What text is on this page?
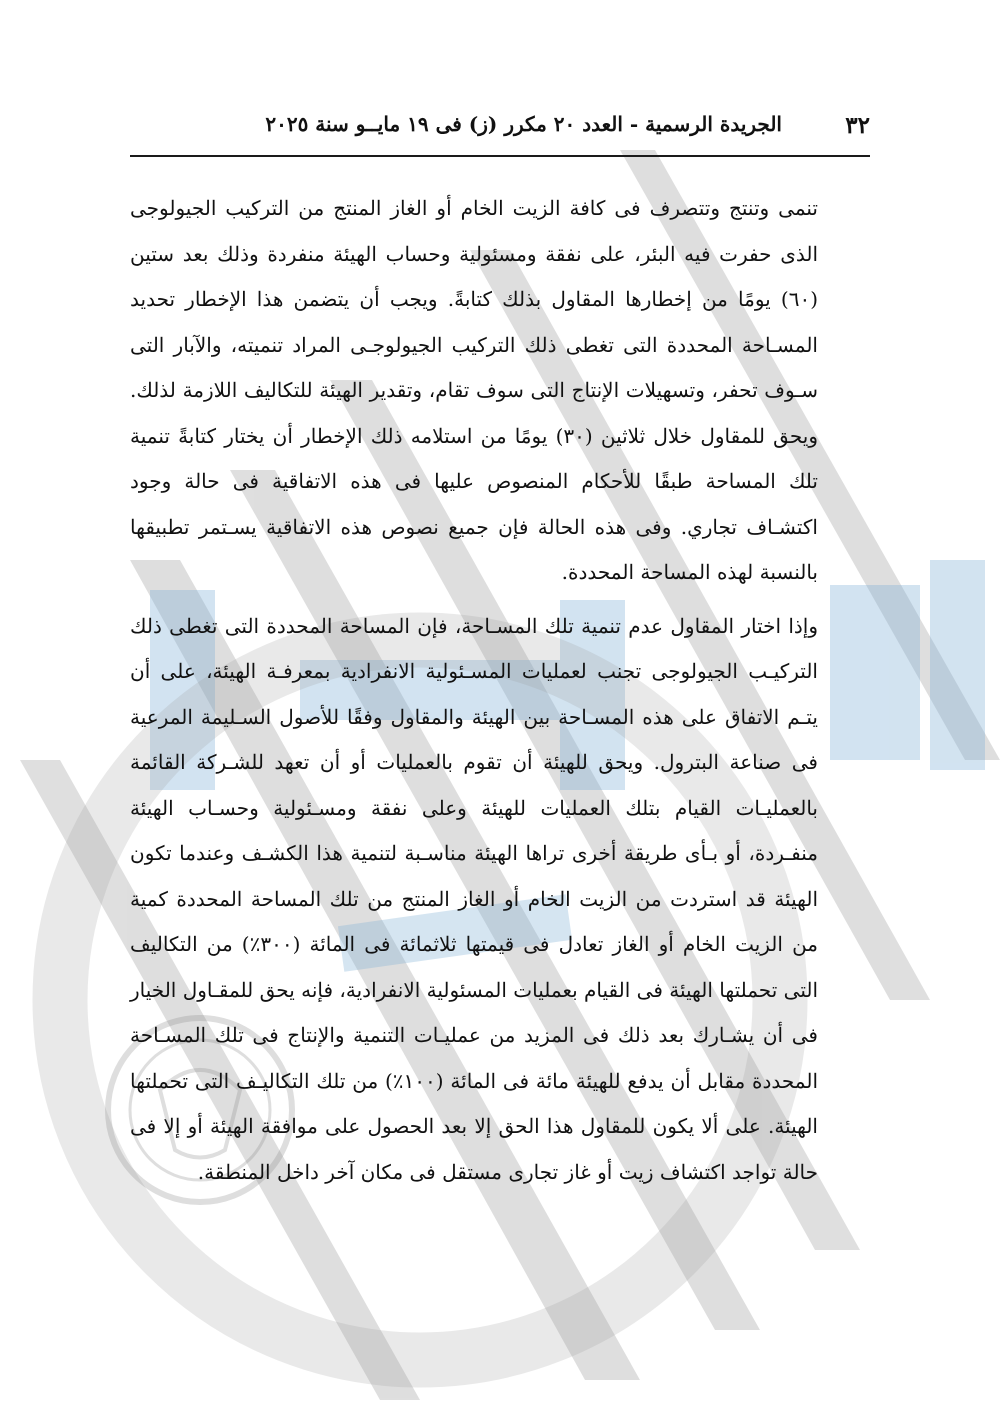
٣٢
الجريدة الرسمية - العدد ٢٠ مكرر (ز) فى ١٩ مايــو سنة ٢٠٢٥

تنمى وتنتج وتتصرف فى كافة الزيت الخام أو الغاز المنتج من التركيب الجيولوجى الذى حفرت فيه البئر، على نفقة ومسئولية وحساب الهيئة منفردة وذلك بعد ستين (٦٠) يومًا من إخطارها المقاول بذلك كتابةً. ويجب أن يتضمن هذا الإخطار تحديد المسـاحة المحددة التى تغطى ذلك التركيب الجيولوجـى المراد تنميته، والآبار التى سـوف تحفر، وتسهيلات الإنتاج التى سوف تقام، وتقدير الهيئة للتكاليف اللازمة لذلك. ويحق للمقاول خلال ثلاثين (٣٠) يومًا من استلامه ذلك الإخطار أن يختار كتابةً تنمية تلك المساحة طبقًا للأحكام المنصوص عليها فى هذه الاتفاقية فى حالة وجود اكتشـاف تجاري. وفى هذه الحالة فإن جميع نصوص هذه الاتفاقية يسـتمر تطبيقها بالنسبة لهذه المساحة المحددة.

وإذا اختار المقاول عدم تنمية تلك المسـاحة، فإن المساحة المحددة التى تغطى ذلك التركيـب الجيولوجى تجنب لعمليات المسـئولية الانفرادية بمعرفـة الهيئة، على أن يتـم الاتفاق على هذه المسـاحة بين الهيئة والمقاول وفقًا للأصول السـليمة المرعية فى صناعة البترول. ويحق للهيئة أن تقوم بالعمليات أو أن تعهد للشـركة القائمة بالعمليـات القيام بتلك العمليات للهيئة وعلى نفقة ومسـئولية وحسـاب الهيئة منفـردة، أو بـأى طريقة أخرى تراها الهيئة مناسـبة لتنمية هذا الكشـف وعندما تكون الهيئة قد استردت من الزيت الخام أو الغاز المنتج من تلك المساحة المحددة كمية من الزيت الخام أو الغاز تعادل فى قيمتها ثلاثمائة فى المائة (٣٠٠٪) من التكاليف التى تحملتها الهيئة فى القيام بعمليات المسئولية الانفرادية، فإنه يحق للمقـاول الخيار فى أن يشـارك بعد ذلك فى المزيد من عمليـات التنمية والإنتاج فى تلك المسـاحة المحددة مقابل أن يدفع للهيئة مائة فى المائة (١٠٠٪) من تلك التكاليـف التى تحملتها الهيئة. على ألا يكون للمقاول هذا الحق إلا بعد الحصول على موافقة الهيئة أو إلا فى حالة تواجد اكتشاف زيت أو غاز تجارى مستقل فى مكان آخر داخل المنطقة.
